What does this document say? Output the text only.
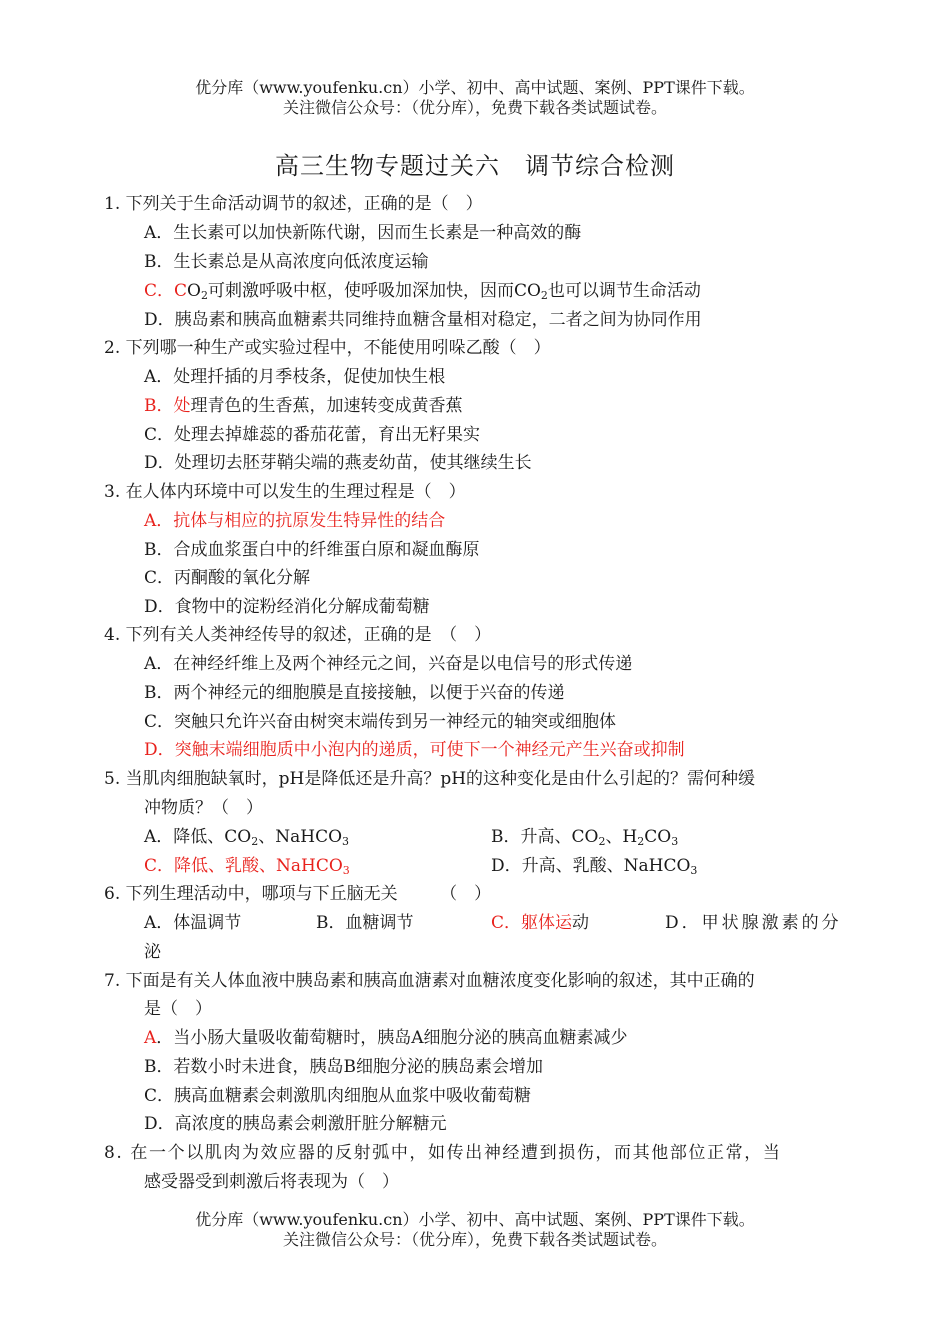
优分库（www.youfenku.cn）小学、初中、高中试题、案例、PPT课件下载。
关注微信公众号：（优分库），免费下载各类试题试卷。
高三生物专题过关六　调节综合检测
1. 下列关于生命活动调节的叙述，正确的是（　）
A．生长素可以加快新陈代谢，因而生长素是一种高效的酶
B．生长素总是从高浓度向低浓度运输
C．$CO_2$可刺激呼吸中枢，使呼吸加深加快，因而$CO_2$也可以调节生命活动
D．胰岛素和胰高血糖素共同维持血糖含量相对稳定，二者之间为协同作用
2. 下列哪一种生产或实验过程中，不能使用吲哚乙酸（　）
A．处理扦插的月季枝条，促使加快生根
B．处理青色的生香蕉，加速转变成黄香蕉
C．处理去掉雄蕊的番茄花蕾，育出无籽果实
D．处理切去胚芽鞘尖端的燕麦幼苗，使其继续生长
3. 在人体内环境中可以发生的生理过程是（　）
A．抗体与相应的抗原发生特异性的结合
B．合成血浆蛋白中的纤维蛋白原和凝血酶原
C．丙酮酸的氧化分解
D．食物中的淀粉经消化分解成葡萄糖
4. 下列有关人类神经传导的叙述，正确的是　（　）
A．在神经纤维上及两个神经元之间，兴奋是以电信号的形式传递
B．两个神经元的细胞膜是直接接触，以便于兴奋的传递
C．突触只允许兴奋由树突末端传到另一神经元的轴突或细胞体
D．突触末端细胞质中小泡内的递质，可使下一个神经元产生兴奋或抑制
5. 当肌肉细胞缺氧时，pH是降低还是升高？pH的这种变化是由什么引起的？需何种缓
冲物质？（　）
A．降低、$CO_2$、NaHCO$_3$	B．升高、$CO_2$、$H_2CO_3$
C．降低、乳酸、NaHCO$_3$	D．升高、乳酸、NaHCO$_3$
6. 下列生理活动中，哪项与下丘脑无关　　　（　）
A．体温调节	B．血糖调节	C．躯体运动	D．甲状腺激素的分
泌
7. 下面是有关人体血液中胰岛素和胰高血溏素对血糖浓度变化影响的叙述，其中正确的
是（　）
A．当小肠大量吸收葡萄糖时，胰岛A细胞分泌的胰高血糖素减少
B．若数小时未进食，胰岛B细胞分泌的胰岛素会增加
C．胰高血糖素会刺激肌肉细胞从血浆中吸收葡萄糖
D．高浓度的胰岛素会刺激肝脏分解糖元
8. 在一个以肌肉为效应器的反射弧中，如传出神经遭到损伤，而其他部位正常，当
感受器受到刺激后将表现为（　）
优分库（www.youfenku.cn）小学、初中、高中试题、案例、PPT课件下载。
关注微信公众号：（优分库），免费下载各类试题试卷。
